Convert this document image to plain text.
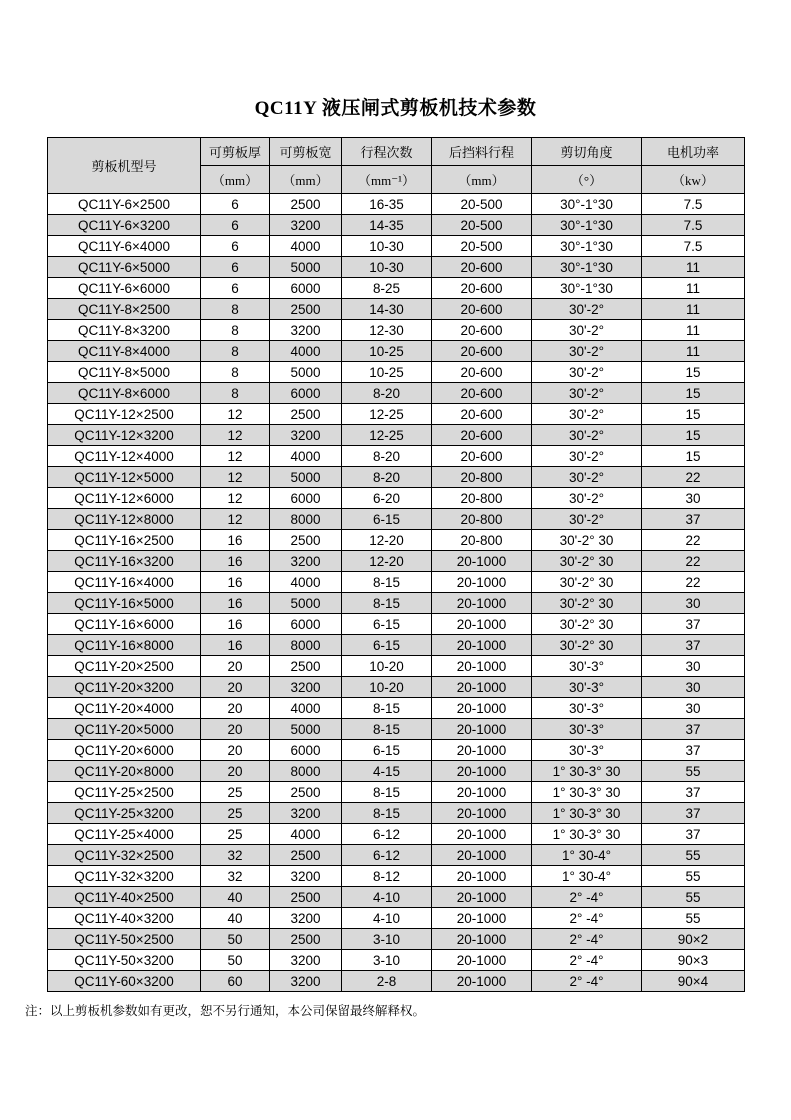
QC11Y 液压闸式剪板机技术参数
剪板机型号	可剪板厚	可剪板宽	行程次数	后挡料行程	剪切角度	电机功率
	（mm）	（mm）	（mm⁻¹）	（mm）	（°）	（kw）
QC11Y-6×2500	6	2500	16-35	20-500	30°-1°30	7.5
QC11Y-6×3200	6	3200	14-35	20-500	30°-1°30	7.5
QC11Y-6×4000	6	4000	10-30	20-500	30°-1°30	7.5
QC11Y-6×5000	6	5000	10-30	20-600	30°-1°30	11
QC11Y-6×6000	6	6000	8-25	20-600	30°-1°30	11
QC11Y-8×2500	8	2500	14-30	20-600	30'-2°	11
QC11Y-8×3200	8	3200	12-30	20-600	30'-2°	11
QC11Y-8×4000	8	4000	10-25	20-600	30'-2°	11
QC11Y-8×5000	8	5000	10-25	20-600	30'-2°	15
QC11Y-8×6000	8	6000	8-20	20-600	30'-2°	15
QC11Y-12×2500	12	2500	12-25	20-600	30'-2°	15
QC11Y-12×3200	12	3200	12-25	20-600	30'-2°	15
QC11Y-12×4000	12	4000	8-20	20-600	30'-2°	15
QC11Y-12×5000	12	5000	8-20	20-800	30'-2°	22
QC11Y-12×6000	12	6000	6-20	20-800	30'-2°	30
QC11Y-12×8000	12	8000	6-15	20-800	30'-2°	37
QC11Y-16×2500	16	2500	12-20	20-800	30'-2° 30	22
QC11Y-16×3200	16	3200	12-20	20-1000	30'-2° 30	22
QC11Y-16×4000	16	4000	8-15	20-1000	30'-2° 30	22
QC11Y-16×5000	16	5000	8-15	20-1000	30'-2° 30	30
QC11Y-16×6000	16	6000	6-15	20-1000	30'-2° 30	37
QC11Y-16×8000	16	8000	6-15	20-1000	30'-2° 30	37
QC11Y-20×2500	20	2500	10-20	20-1000	30'-3°	30
QC11Y-20×3200	20	3200	10-20	20-1000	30'-3°	30
QC11Y-20×4000	20	4000	8-15	20-1000	30'-3°	30
QC11Y-20×5000	20	5000	8-15	20-1000	30'-3°	37
QC11Y-20×6000	20	6000	6-15	20-1000	30'-3°	37
QC11Y-20×8000	20	8000	4-15	20-1000	1° 30-3° 30	55
QC11Y-25×2500	25	2500	8-15	20-1000	1° 30-3° 30	37
QC11Y-25×3200	25	3200	8-15	20-1000	1° 30-3° 30	37
QC11Y-25×4000	25	4000	6-12	20-1000	1° 30-3° 30	37
QC11Y-32×2500	32	2500	6-12	20-1000	1° 30-4°	55
QC11Y-32×3200	32	3200	8-12	20-1000	1° 30-4°	55
QC11Y-40×2500	40	2500	4-10	20-1000	2° -4°	55
QC11Y-40×3200	40	3200	4-10	20-1000	2° -4°	55
QC11Y-50×2500	50	2500	3-10	20-1000	2° -4°	90×2
QC11Y-50×3200	50	3200	3-10	20-1000	2° -4°	90×3
QC11Y-60×3200	60	3200	2-8	20-1000	2° -4°	90×4
注：以上剪板机参数如有更改，恕不另行通知，本公司保留最终解释权。
